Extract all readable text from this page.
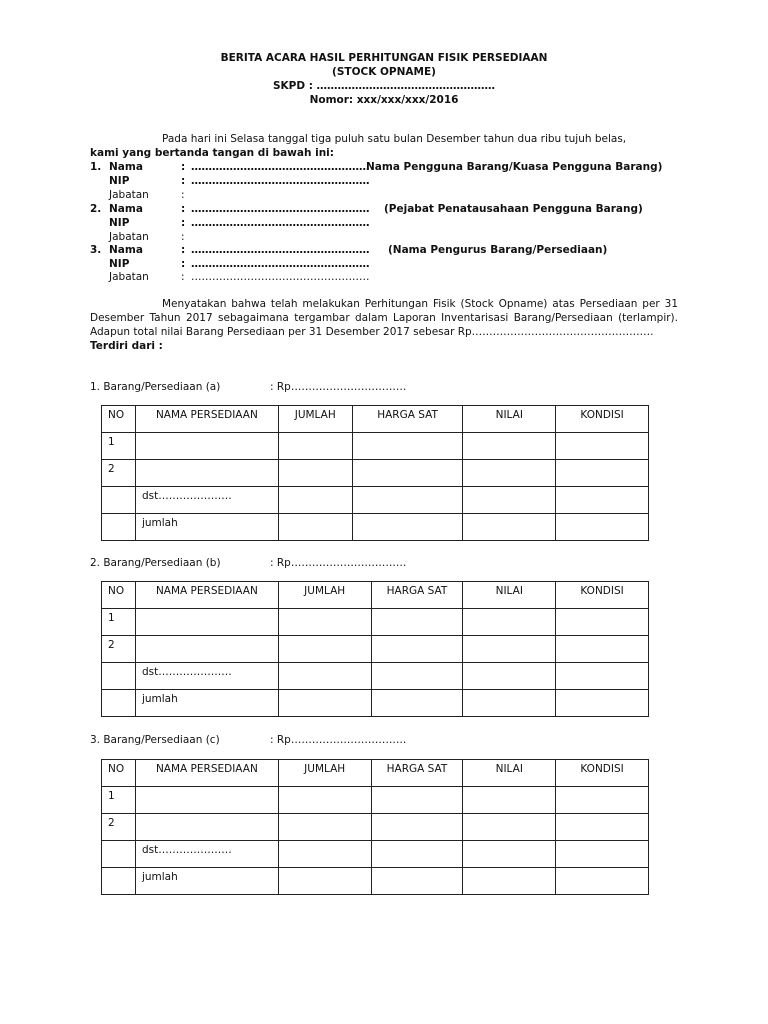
BERITA ACARA HASIL PERHITUNGAN FISIK PERSEDIAAN
(STOCK OPNAME)
SKPD : ……………………………………………
Nomor: xxx/xxx/xxx/2016

Pada hari ini Selasa tanggal tiga puluh satu bulan Desember tahun dua ribu tujuh belas,

kami yang bertanda tangan di bawah ini:

1. Nama	: ……………………………………………
Nama Pengguna Barang/Kuasa Pengguna Barang)
NIP	: ……………………………………………
Jabatan	:
2. Nama	: …………………………………………… (Pejabat Penatausahaan Pengguna Barang)
NIP	: ……………………………………………
Jabatan	:
3. Nama	: …………………………………………… (Nama Pengurus Barang/Persediaan)
NIP	: ……………………………………………
Jabatan	: ……………………………………………

Menyatakan bahwa telah melakukan Perhitungan Fisik (Stock Opname) atas Persediaan per 31 Desember Tahun 2017 sebagaimana tergambar dalam Laporan Inventarisasi Barang/Persediaan (terlampir). Adapun total nilai Barang Persediaan per 31 Desember 2017 sebesar Rp…………………………………………….

Terdiri dari :

1. Barang/Persediaan (a)	: Rp……………………………
NO	NAMA PERSEDIAAN	JUMLAH	HARGA SAT	NILAI	KONDISI
1					
2					
	dst…………………				
	jumlah				
2. Barang/Persediaan (b)	: Rp……………………………
NO	NAMA PERSEDIAAN	JUMLAH	HARGA SAT	NILAI	KONDISI
1					
2					
	dst…………………				
	jumlah				
3. Barang/Persediaan (c)	: Rp……………………………
NO	NAMA PERSEDIAAN	JUMLAH	HARGA SAT	NILAI	KONDISI
1					
2					
	dst…………………				
	jumlah				
